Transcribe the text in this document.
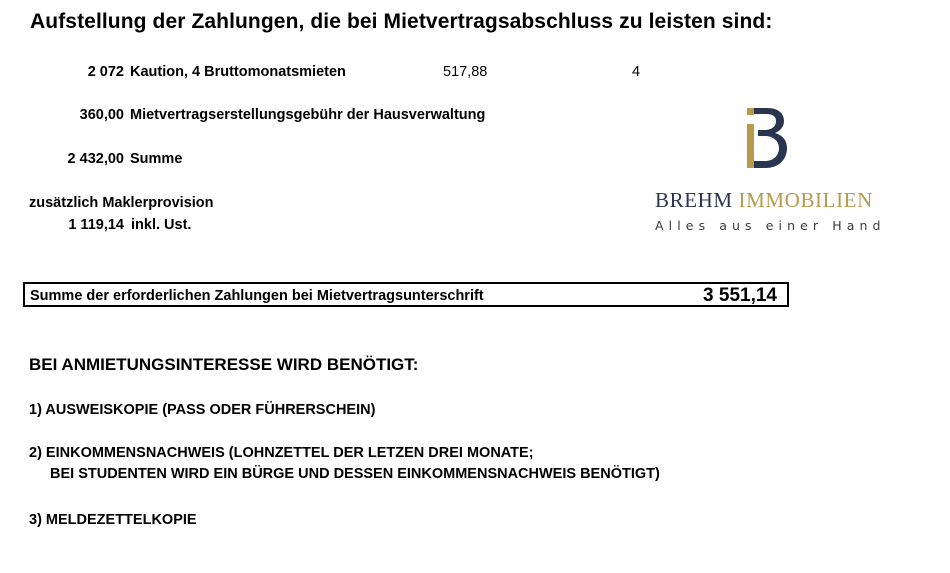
Aufstellung der Zahlungen, die bei Mietvertragsabschluss zu leisten sind:
2 072 Kaution, 4 Bruttomonatsmieten	517,88	4
360,00 Mietvertragserstellungsgebühr der Hausverwaltung
2 432,00 Summe
zusätzlich Maklerprovision
1 119,14 inkl. Ust.
BREHM IMMOBILIEN
Alles aus einer Hand
Summe der erforderlichen Zahlungen bei Mietvertragsunterschrift	3 551,14
BEI ANMIETUNGSINTERESSE WIRD BENÖTIGT:
1) AUSWEISKOPIE (PASS ODER FÜHRERSCHEIN)
2) EINKOMMENSNACHWEIS (LOHNZETTEL DER LETZEN DREI MONATE;
BEI STUDENTEN WIRD EIN BÜRGE UND DESSEN EINKOMMENSNACHWEIS BENÖTIGT)
3) MELDEZETTELKOPIE
